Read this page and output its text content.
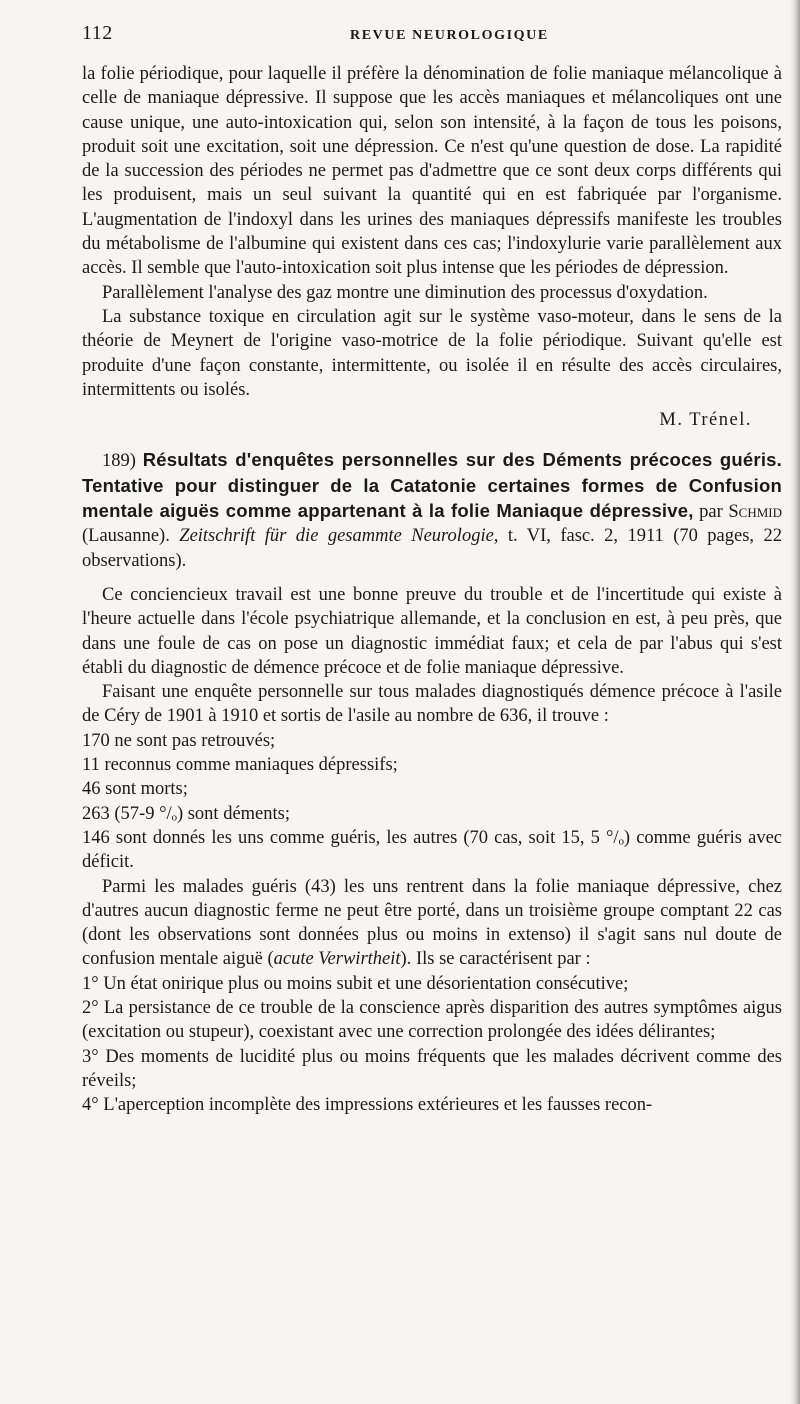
112	REVUE NEUROLOGIQUE

la folie périodique, pour laquelle il préfère la dénomination de folie maniaque mélancolique à celle de maniaque dépressive. Il suppose que les accès maniaques et mélancoliques ont une cause unique, une auto-intoxication qui, selon son intensité, à la façon de tous les poisons, produit soit une excitation, soit une dépression. Ce n'est qu'une question de dose. La rapidité de la succession des périodes ne permet pas d'admettre que ce sont deux corps différents qui les produisent, mais un seul suivant la quantité qui en est fabriquée par l'organisme. L'augmentation de l'indoxyl dans les urines des maniaques dépressifs manifeste les troubles du métabolisme de l'albumine qui existent dans ces cas; l'indoxylurie varie parallèlement aux accès. Il semble que l'auto-intoxication soit plus intense que les périodes de dépression.

Parallèlement l'analyse des gaz montre une diminution des processus d'oxydation.

La substance toxique en circulation agit sur le système vaso-moteur, dans le sens de la théorie de Meynert de l'origine vaso-motrice de la folie périodique. Suivant qu'elle est produite d'une façon constante, intermittente, ou isolée il en résulte des accès circulaires, intermittents ou isolés.

M. Trénel.

189) Résultats d'enquêtes personnelles sur des Déments précoces guéris. Tentative pour distinguer de la Catatonie certaines formes de Confusion mentale aiguës comme appartenant à la folie Maniaque dépressive, par Schmid (Lausanne). Zeitschrift für die gesammte Neurologie, t. VI, fasc. 2, 1911 (70 pages, 22 observations).

Ce concienciеux travail est une bonne preuve du trouble et de l'incertitude qui existe à l'heure actuelle dans l'école psychiatrique allemande, et la conclusion en est, à peu près, que dans une foule de cas on pose un diagnostic immédiat faux; et cela de par l'abus qui s'est établi du diagnostic de démence précoce et de folie maniaque dépressive.

Faisant une enquête personnelle sur tous malades diagnostiqués démence précoce à l'asile de Céry de 1901 à 1910 et sortis de l'asile au nombre de 636, il trouve :

170 ne sont pas retrouvés;

11 reconnus comme maniaques dépressifs;

46 sont morts;

263 (57-9 °/ₒ) sont déments;

146 sont donnés les uns comme guéris, les autres (70 cas, soit 15, 5 °/ₒ) comme guéris avec déficit.

Parmi les malades guéris (43) les uns rentrent dans la folie maniaque dépressive, chez d'autres aucun diagnostic ferme ne peut être porté, dans un troisième groupe comptant 22 cas (dont les observations sont données plus ou moins in extenso) il s'agit sans nul doute de confusion mentale aiguë (acute Verwirtheit). Ils se caractérisent par :

1° Un état onirique plus ou moins subit et une désorientation consécutive;

2° La persistance de ce trouble de la conscience après disparition des autres symptômes aigus (excitation ou stupeur), coexistant avec une correction prolongée des idées délirantes;

3° Des moments de lucidité plus ou moins fréquents que les malades décrivent comme des réveils;

4° L'aperception incomplète des impressions extérieures et les fausses recon-
